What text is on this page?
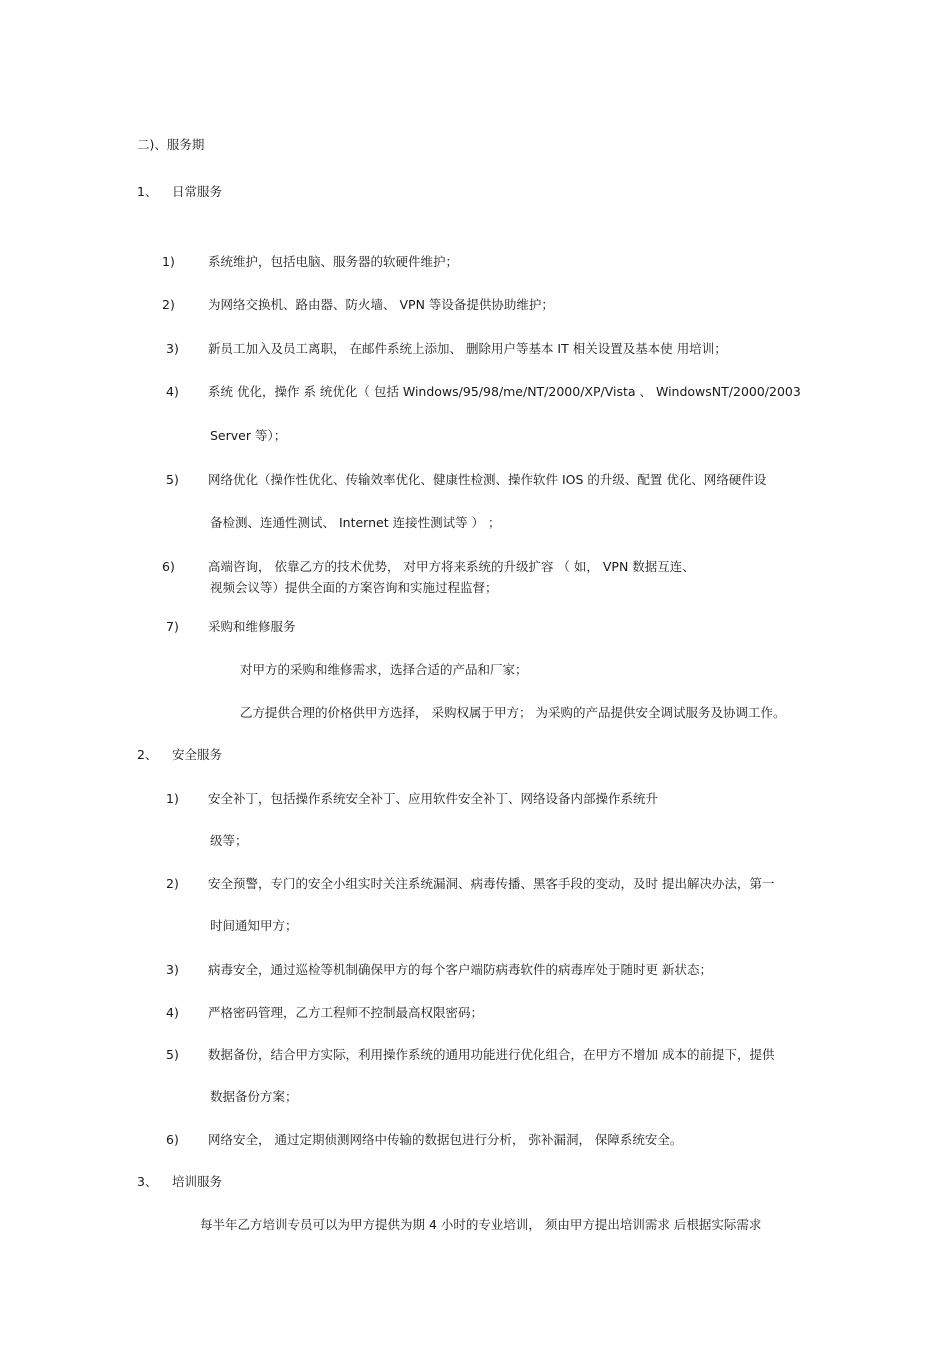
二)、服务期
1、 日常服务
1)	系统维护，包括电脑、服务器的软硬件维护；
2)	为网络交换机、路由器、防火墙、 VPN 等设备提供协助维护；
3) 新员工加入及员工离职， 在邮件系统上添加、 删除用户等基本 IT 相关设置及基本使 用培训；
4) 系统 优化，操作 系 统优化（ 包括 Windows/95/98/me/NT/2000/XP/Vista 、 WindowsNT/2000/2003
Server 等）；
5) 网络优化（操作性优化、传输效率优化、健康性检测、操作软件 IOS 的升级、配置 优化、网络硬件设
备检测、连通性测试、 Internet 连接性测试等 ） ；
6)	高端咨询， 依靠乙方的技术优势， 对甲方将来系统的升级扩容 （ 如， VPN 数据互连、
视频会议等）提供全面的方案咨询和实施过程监督；
7) 采购和维修服务
对甲方的采购和维修需求，选择合适的产品和厂家；
乙方提供合理的价格供甲方选择， 采购权属于甲方； 为采购的产品提供安全调试服务及协调工作。
2、 安全服务
1) 安全补丁，包括操作系统安全补丁、应用软件安全补丁、网络设备内部操作系统升
级等；
2) 安全预警，专门的安全小组实时关注系统漏洞、病毒传播、黑客手段的变动，及时 提出解决办法，第一
时间通知甲方；
3) 病毒安全，通过巡检等机制确保甲方的每个客户端防病毒软件的病毒库处于随时更 新状态；
4) 严格密码管理，乙方工程师不控制最高权限密码；
5) 数据备份，结合甲方实际，利用操作系统的通用功能进行优化组合，在甲方不增加 成本的前提下，提供
数据备份方案；
6) 网络安全， 通过定期侦测网络中传输的数据包进行分析， 弥补漏洞， 保障系统安全。
3、 培训服务
每半年乙方培训专员可以为甲方提供为期 4 小时的专业培训， 须由甲方提出培训需求 后根据实际需求
